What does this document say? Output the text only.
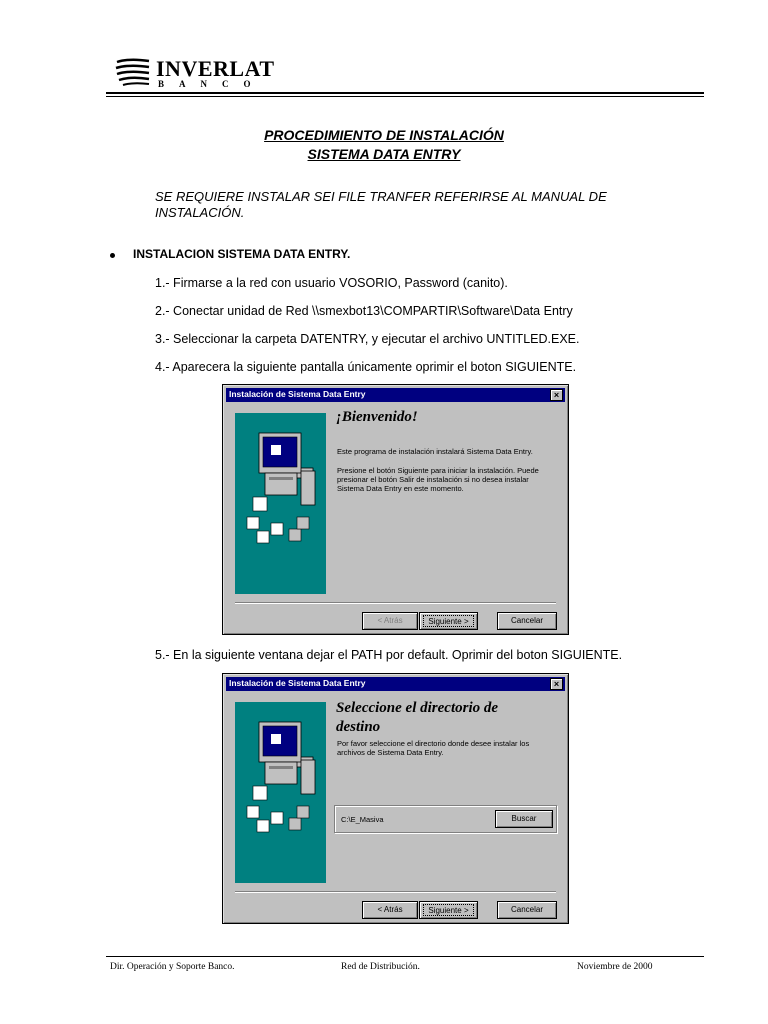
INVERLAT
BANCO
PROCEDIMIENTO DE INSTALACIÓN
SISTEMA DATA ENTRY
SE REQUIERE INSTALAR SEI FILE TRANFER REFERIRSE AL MANUAL DE INSTALACIÓN.
INSTALACION SISTEMA DATA ENTRY.
1.- Firmarse a la red con usuario VOSORIO, Password (canito).
2.- Conectar unidad de Red \\smexbot13\COMPARTIR\Software\Data Entry
3.- Seleccionar la carpeta DATENTRY, y ejecutar el archivo UNTITLED.EXE.
4.- Aparecera la siguiente pantalla únicamente oprimir el boton SIGUIENTE.
Instalación de Sistema Data Entry	×
¡Bienvenido!
Este programa de instalación instalará Sistema Data Entry.
Presione el botón Siguiente para iniciar la instalación. Puede presionar el botón Salir de instalación si no desea instalar Sistema Data Entry en este momento.
< Atrás	Siguiente >	Cancelar
5.- En la siguiente ventana dejar el PATH por default. Oprimir del boton SIGUIENTE.
Instalación de Sistema Data Entry	×
Seleccione el directorio de
destino
Por favor seleccione el directorio donde desee instalar los archivos de Sistema Data Entry.
C:\E_Masiva	Buscar
< Atrás	Siguiente >	Cancelar
Dir. Operación y Soporte Banco.	Red de Distribución.	Noviembre de 2000
